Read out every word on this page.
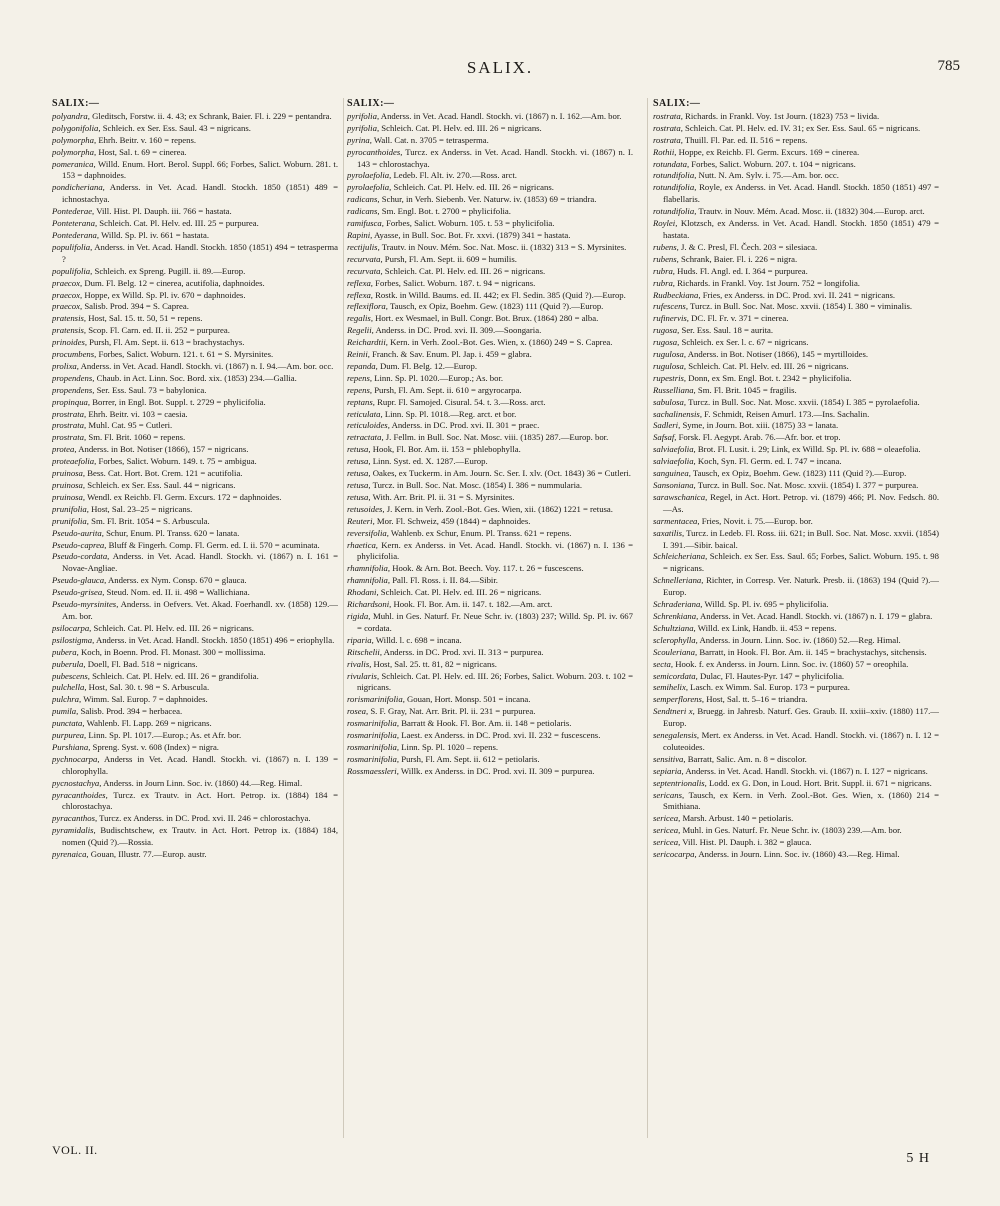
SALIX.	785
SALIX:—

polyandra, Gleditsch, Forstw. ii. 4. 43; ex Schrank, Baier. Fl. i. 229 = pentandra.

polygonifolia, Schleich. ex Ser. Ess. Saul. 43 = nigricans.

polymorpha, Ehrh. Beitr. v. 160 = repens.

polymorpha, Host, Sal. t. 69 = cinerea.

pomeranica, Willd. Enum. Hort. Berol. Suppl. 66; Forbes, Salict. Woburn. 281. t. 153 = daphnoides.

pondicheriana, Anderss. in Vet. Acad. Handl. Stockh. 1850 (1851) 489 = ichnostachya.

Pontederae, Vill. Hist. Pl. Dauph. iii. 766 = hastata.

Ponteterana, Schleich. Cat. Pl. Helv. ed. III. 25 = purpurea.

Pontederana, Willd. Sp. Pl. iv. 661 = hastata.

populifolia, Anderss. in Vet. Acad. Handl. Stockh. 1850 (1851) 494 = tetrasperma ?

populifolia, Schleich. ex Spreng. Pugill. ii. 89.—Europ.

praecox, Dum. Fl. Belg. 12 = cinerea, acutifolia, daphnoides.

praecox, Hoppe, ex Willd. Sp. Pl. iv. 670 = daphnoides.

praecox, Salisb. Prod. 394 = S. Caprea.

pratensis, Host, Sal. 15. tt. 50, 51 = repens.

pratensis, Scop. Fl. Carn. ed. II. ii. 252 = purpurea.

prinoides, Pursh, Fl. Am. Sept. ii. 613 = brachystachys.

procumbens, Forbes, Salict. Woburn. 121. t. 61 = S. Myrsinites.

prolixa, Anderss. in Vet. Acad. Handl. Stockh. vi. (1867) n. I. 94.—Am. bor. occ.

propendens, Chaub. in Act. Linn. Soc. Bord. xix. (1853) 234.—Gallia.

propendens, Ser. Ess. Saul. 73 = babylonica.

propinqua, Borrer, in Engl. Bot. Suppl. t. 2729 = phylicifolia.

prostrata, Ehrh. Beitr. vi. 103 = caesia.

prostrata, Muhl. Cat. 95 = Cutleri.

prostrata, Sm. Fl. Brit. 1060 = repens.

protea, Anderss. in Bot. Notiser (1866), 157 = nigricans.

proteaefolia, Forbes, Salict. Woburn. 149. t. 75 = ambigua.

pruinosa, Bess. Cat. Hort. Bot. Crem. 121 = acutifolia.

pruinosa, Schleich. ex Ser. Ess. Saul. 44 = nigricans.

pruinosa, Wendl. ex Reichb. Fl. Germ. Excurs. 172 = daphnoides.

prunifolia, Host, Sal. 23–25 = nigricans.

prunifolia, Sm. Fl. Brit. 1054 = S. Arbuscula.

Pseudo-aurita, Schur, Enum. Pl. Transs. 620 = lanata.

Pseudo-caprea, Bluff & Fingerh. Comp. Fl. Germ. ed. I. ii. 570 = acuminata.

Pseudo-cordata, Anderss. in Vet. Acad. Handl. Stockh. vi. (1867) n. I. 161 = Novae-Angliae.

Pseudo-glauca, Anderss. ex Nym. Consp. 670 = glauca.

Pseudo-grisea, Steud. Nom. ed. II. ii. 498 = Wallichiana.

Pseudo-myrsinites, Anderss. in Oefvers. Vet. Akad. Foerhandl. xv. (1858) 129.—Am. bor.

psilocarpa, Schleich. Cat. Pl. Helv. ed. III. 26 = nigricans.

psilostigma, Anderss. in Vet. Acad. Handl. Stockh. 1850 (1851) 496 = eriophylla.

pubera, Koch, in Boenn. Prod. Fl. Monast. 300 = mollissima.

puberula, Doell, Fl. Bad. 518 = nigricans.

pubescens, Schleich. Cat. Pl. Helv. ed. III. 26 = grandifolia.

pulchella, Host, Sal. 30. t. 98 = S. Arbuscula.

pulchra, Wimm. Sal. Europ. 7 = daphnoides.

pumila, Salisb. Prod. 394 = herbacea.

punctata, Wahlenb. Fl. Lapp. 269 = nigricans.

purpurea, Linn. Sp. Pl. 1017.—Europ.; As. et Afr. bor.

Purshiana, Spreng. Syst. v. 608 (Index) = nigra.

pychnocarpa, Anderss in Vet. Acad. Handl. Stockh. vi. (1867) n. I. 139 = chlorophylla.

pycnostachya, Anderss. in Journ Linn. Soc. iv. (1860) 44.—Reg. Himal.

pyracanthoides, Turcz. ex Trautv. in Act. Hort. Petrop. ix. (1884) 184 = chlorostachya.

pyracanthos, Turcz. ex Anderss. in DC. Prod. xvi. II. 246 = chlorostachya.

pyramidalis, Budischtschew, ex Trautv. in Act. Hort. Petrop ix. (1884) 184, nomen (Quid ?).—Rossia.

pyrenaica, Gouan, Illustr. 77.—Europ. austr.

SALIX:—

pyrifolia, Anderss. in Vet. Acad. Handl. Stockh. vi. (1867) n. I. 162.—Am. bor.

pyrifolia, Schleich. Cat. Pl. Helv. ed. III. 26 = nigricans.

pyrina, Wall. Cat. n. 3705 = tetrasperma.

pyrocanthoides, Turcz. ex Anderss. in Vet. Acad. Handl. Stockh. vi. (1867) n. I. 143 = chlorostachya.

pyrolaefolia, Ledeb. Fl. Alt. iv. 270.—Ross. arct.

pyrolaefolia, Schleich. Cat. Pl. Helv. ed. III. 26 = nigricans.

radicans, Schur, in Verh. Siebenb. Ver. Naturw. iv. (1853) 69 = triandra.

radicans, Sm. Engl. Bot. t. 2700 = phylicifolia.

ramifusca, Forbes, Salict. Woburn. 105. t. 53 = phylicifolia.

Rapini, Ayasse, in Bull. Soc. Bot. Fr. xxvi. (1879) 341 = hastata.

rectijulis, Trautv. in Nouv. Mém. Soc. Nat. Mosc. ii. (1832) 313 = S. Myrsinites.

recurvata, Pursh, Fl. Am. Sept. ii. 609 = humilis.

recurvata, Schleich. Cat. Pl. Helv. ed. III. 26 = nigricans.

reflexa, Forbes, Salict. Woburn. 187. t. 94 = nigricans.

reflexa, Rostk. in Willd. Baums. ed. II. 442; ex Fl. Sedin. 385 (Quid ?).—Europ.

reflexiflora, Tausch, ex Opiz, Boehm. Gew. (1823) 111 (Quid ?).—Europ.

regalis, Hort. ex Wesmael, in Bull. Congr. Bot. Brux. (1864) 280 = alba.

Regelii, Anderss. in DC. Prod. xvi. II. 309.—Soongaria.

Reichardtii, Kern. in Verh. Zool.-Bot. Ges. Wien, x. (1860) 249 = S. Caprea.

Reinii, Franch. & Sav. Enum. Pl. Jap. i. 459 = glabra.

repanda, Dum. Fl. Belg. 12.—Europ.

repens, Linn. Sp. Pl. 1020.—Europ.; As. bor.

repens, Pursh, Fl. Am. Sept. ii. 610 = argyrocarpa.

reptans, Rupr. Fl. Samojed. Cisural. 54. t. 3.—Ross. arct.

reticulata, Linn. Sp. Pl. 1018.—Reg. arct. et bor.

reticuloides, Anderss. in DC. Prod. xvi. II. 301 = praec.

retractata, J. Fellm. in Bull. Soc. Nat. Mosc. viii. (1835) 287.—Europ. bor.

retusa, Hook, Fl. Bor. Am. ii. 153 = phlebophylla.

retusa, Linn. Syst. ed. X. 1287.—Europ.

retusa, Oakes, ex Tuckerm. in Am. Journ. Sc. Ser. I. xlv. (Oct. 1843) 36 = Cutleri.

retusa, Turcz. in Bull. Soc. Nat. Mosc. (1854) I. 386 = nummularia.

retusa, With. Arr. Brit. Pl. ii. 31 = S. Myrsinites.

retusoides, J. Kern. in Verh. Zool.-Bot. Ges. Wien, xii. (1862) 1221 = retusa.

Reuteri, Mor. Fl. Schweiz, 459 (1844) = daphnoides.

reversifolia, Wahlenb. ex Schur, Enum. Pl. Transs. 621 = repens.

rhaetica, Kern. ex Anderss. in Vet. Acad. Handl. Stockh. vi. (1867) n. I. 136 = phylicifolia.

rhamnifolia, Hook. & Arn. Bot. Beech. Voy. 117. t. 26 = fuscescens.

rhamnifolia, Pall. Fl. Ross. i. II. 84.—Sibir.

Rhodani, Schleich. Cat. Pl. Helv. ed. III. 26 = nigricans.

Richardsoni, Hook. Fl. Bor. Am. ii. 147. t. 182.—Am. arct.

rigida, Muhl. in Ges. Naturf. Fr. Neue Schr. iv. (1803) 237; Willd. Sp. Pl. iv. 667 = cordata.

riparia, Willd. l. c. 698 = incana.

Ritschelii, Anderss. in DC. Prod. xvi. II. 313 = purpurea.

rivalis, Host, Sal. 25. tt. 81, 82 = nigricans.

rivularis, Schleich. Cat. Pl. Helv. ed. III. 26; Forbes, Salict. Woburn. 203. t. 102 = nigricans.

rorismarinifolia, Gouan, Hort. Monsp. 501 = incana.

rosea, S. F. Gray, Nat. Arr. Brit. Pl. ii. 231 = purpurea.

rosmarinifolia, Barratt & Hook. Fl. Bor. Am. ii. 148 = petiolaris.

rosmarinifolia, Laest. ex Anderss. in DC. Prod. xvi. II. 232 = fuscescens.

rosmarinifolia, Linn. Sp. Pl. 1020 – repens.

rosmarinifolia, Pursh, Fl. Am. Sept. ii. 612 = petiolaris.

Rossmaessleri, Willk. ex Anderss. in DC. Prod. xvi. II. 309 = purpurea.

SALIX:—

rostrata, Richards. in Frankl. Voy. 1st Journ. (1823) 753 = livida.

rostrata, Schleich. Cat. Pl. Helv. ed. IV. 31; ex Ser. Ess. Saul. 65 = nigricans.

rostrata, Thuill. Fl. Par. ed. II. 516 = repens.

Rothii, Hoppe, ex Reichb. Fl. Germ. Excurs. 169 = cinerea.

rotundata, Forbes, Salict. Woburn. 207. t. 104 = nigricans.

rotundifolia, Nutt. N. Am. Sylv. i. 75.—Am. bor. occ.

rotundifolia, Royle, ex Anderss. in Vet. Acad. Handl. Stockh. 1850 (1851) 497 = flabellaris.

rotundifolia, Trautv. in Nouv. Mém. Acad. Mosc. ii. (1832) 304.—Europ. arct.

Roylei, Klotzsch, ex Anderss. in Vet. Acad. Handl. Stockh. 1850 (1851) 479 = hastata.

rubens, J. & C. Presl, Fl. Čech. 203 = silesiaca.

rubens, Schrank, Baier. Fl. i. 226 = nigra.

rubra, Huds. Fl. Angl. ed. I. 364 = purpurea.

rubra, Richards. in Frankl. Voy. 1st Journ. 752 = longifolia.

Rudbeckiana, Fries, ex Anderss. in DC. Prod. xvi. II. 241 = nigricans.

rufescens, Turcz. in Bull. Soc. Nat. Mosc. xxvii. (1854) I. 380 = viminalis.

rufinervis, DC. Fl. Fr. v. 371 = cinerea.

rugosa, Ser. Ess. Saul. 18 = aurita.

rugosa, Schleich. ex Ser. l. c. 67 = nigricans.

rugulosa, Anderss. in Bot. Notiser (1866), 145 = myrtilloides.

rugulosa, Schleich. Cat. Pl. Helv. ed. III. 26 = nigricans.

rupestris, Donn, ex Sm. Engl. Bot. t. 2342 = phylicifolia.

Russelliana, Sm. Fl. Brit. 1045 = fragilis.

sabulosa, Turcz. in Bull. Soc. Nat. Mosc. xxvii. (1854) I. 385 = pyrolaefolia.

sachalinensis, F. Schmidt, Reisen Amurl. 173.—Ins. Sachalin.

Sadleri, Syme, in Journ. Bot. xiii. (1875) 33 = lanata.

Safsaf, Forsk. Fl. Aegypt. Arab. 76.—Afr. bor. et trop.

salviaefolia, Brot. Fl. Lusit. i. 29; Link, ex Willd. Sp. Pl. iv. 688 = oleaefolia.

salviaefolia, Koch, Syn. Fl. Germ. ed. I. 747 = incana.

sanguinea, Tausch, ex Opiz, Boehm. Gew. (1823) 111 (Quid ?).—Europ.

Sansoniana, Turcz. in Bull. Soc. Nat. Mosc. xxvii. (1854) I. 377 = purpurea.

sarawschanica, Regel, in Act. Hort. Petrop. vi. (1879) 466; Pl. Nov. Fedsch. 80.—As.

sarmentacea, Fries, Novit. i. 75.—Europ. bor.

saxatilis, Turcz. in Ledeb. Fl. Ross. iii. 621; in Bull. Soc. Nat. Mosc. xxvii. (1854) I. 391.—Sibir. baical.

Schleicheriana, Schleich. ex Ser. Ess. Saul. 65; Forbes, Salict. Woburn. 195. t. 98 = nigricans.

Schnelleriana, Richter, in Corresp. Ver. Naturk. Presb. ii. (1863) 194 (Quid ?).—Europ.

Schraderiana, Willd. Sp. Pl. iv. 695 = phylicifolia.

Schrenkiana, Anderss. in Vet. Acad. Handl. Stockh. vi. (1867) n. I. 179 = glabra.

Schultziana, Willd. ex Link, Handb. ii. 453 = repens.

sclerophylla, Anderss. in Journ. Linn. Soc. iv. (1860) 52.—Reg. Himal.

Scouleriana, Barratt, in Hook. Fl. Bor. Am. ii. 145 = brachystachys, sitchensis.

secta, Hook. f. ex Anderss. in Journ. Linn. Soc. iv. (1860) 57 = oreophila.

semicordata, Dulac, Fl. Hautes-Pyr. 147 = phylicifolia.

semihelix, Lasch. ex Wimm. Sal. Europ. 173 = purpurea.

semperflorens, Host, Sal. tt. 5–16 = triandra.

Sendtneri x, Bruegg. in Jahresb. Naturf. Ges. Graub. II. xxiii–xxiv. (1880) 117.—Europ.

senegalensis, Mert. ex Anderss. in Vet. Acad. Handl. Stockh. vi. (1867) n. I. 12 = coluteoides.

sensitiva, Barratt, Salic. Am. n. 8 = discolor.

sepiaria, Anderss. in Vet. Acad. Handl. Stockh. vi. (1867) n. I. 127 = nigricans.

septentrionalis, Lodd. ex G. Don, in Loud. Hort. Brit. Suppl. ii. 671 = nigricans.

sericans, Tausch, ex Kern. in Verh. Zool.-Bot. Ges. Wien, x. (1860) 214 = Smithiana.

sericea, Marsh. Arbust. 140 = petiolaris.

sericea, Muhl. in Ges. Naturf. Fr. Neue Schr. iv. (1803) 239.—Am. bor.

sericea, Vill. Hist. Pl. Dauph. i. 382 = glauca.

sericocarpa, Anderss. in Journ. Linn. Soc. iv. (1860) 43.—Reg. Himal.

VOL. II.
5 H
